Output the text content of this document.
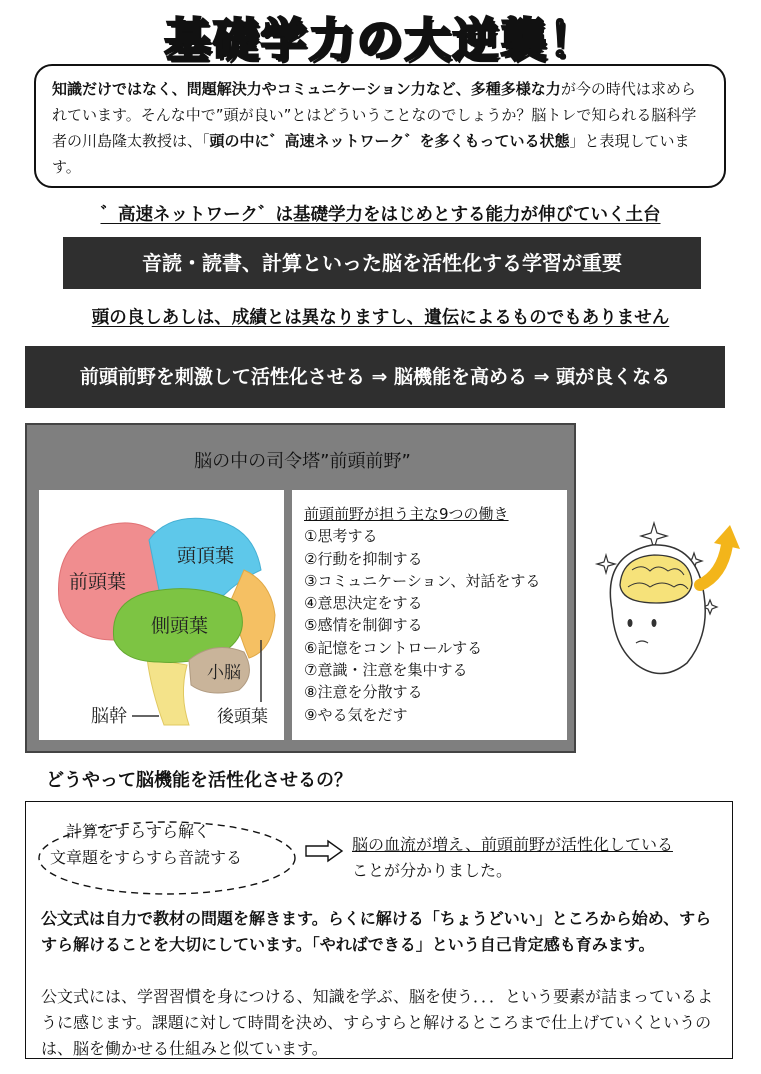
基礎学力の大逆襲！
知識だけではなく、問題解決力やコミュニケーション力など、多種多様な力が今の時代は求められています。そんな中で”頭が良い”とはどういうことなのでしょうか？脳トレで知られる脳科学者の川島隆太教授は、「頭の中に゛高速ネットワーク゛を多くもっている状態」と表現しています。
゛高速ネットワーク゛は基礎学力をはじめとする能力が伸びていく土台
音読・読書、計算といった脳を活性化する学習が重要
頭の良しあしは、成績とは異なりますし、遺伝によるものでもありません
前頭前野を刺激して活性化させる ⇒ 脳機能を高める ⇒ 頭が良くなる
脳の中の司令塔”前頭前野”
前頭葉
頭頂葉
側頭葉
小脳
脳幹	後頭葉
前頭前野が担う主な9つの働き
①思考する
②行動を抑制する
③コミュニケーション、対話をする
④意思決定をする
⑤感情を制御する
⑥記憶をコントロールする
⑦意識・注意を集中する
⑧注意を分散する
⑨やる気をだす
どうやって脳機能を活性化させるの？
計算をすらすら解く
文章題をすらすら音読する
脳の血流が増え、前頭前野が活性化している
ことが分かりました。
公文式は自力で教材の問題を解きます。らくに解ける「ちょうどいい」ところから始め、すらすら解けることを大切にしています。「やればできる」という自己肯定感も育みます。
公文式には、学習習慣を身につける、知識を学ぶ、脳を使う．．．という要素が詰まっているように感じます。課題に対して時間を決め、すらすらと解けるところまで仕上げていくというのは、脳を働かせる仕組みと似ています。
